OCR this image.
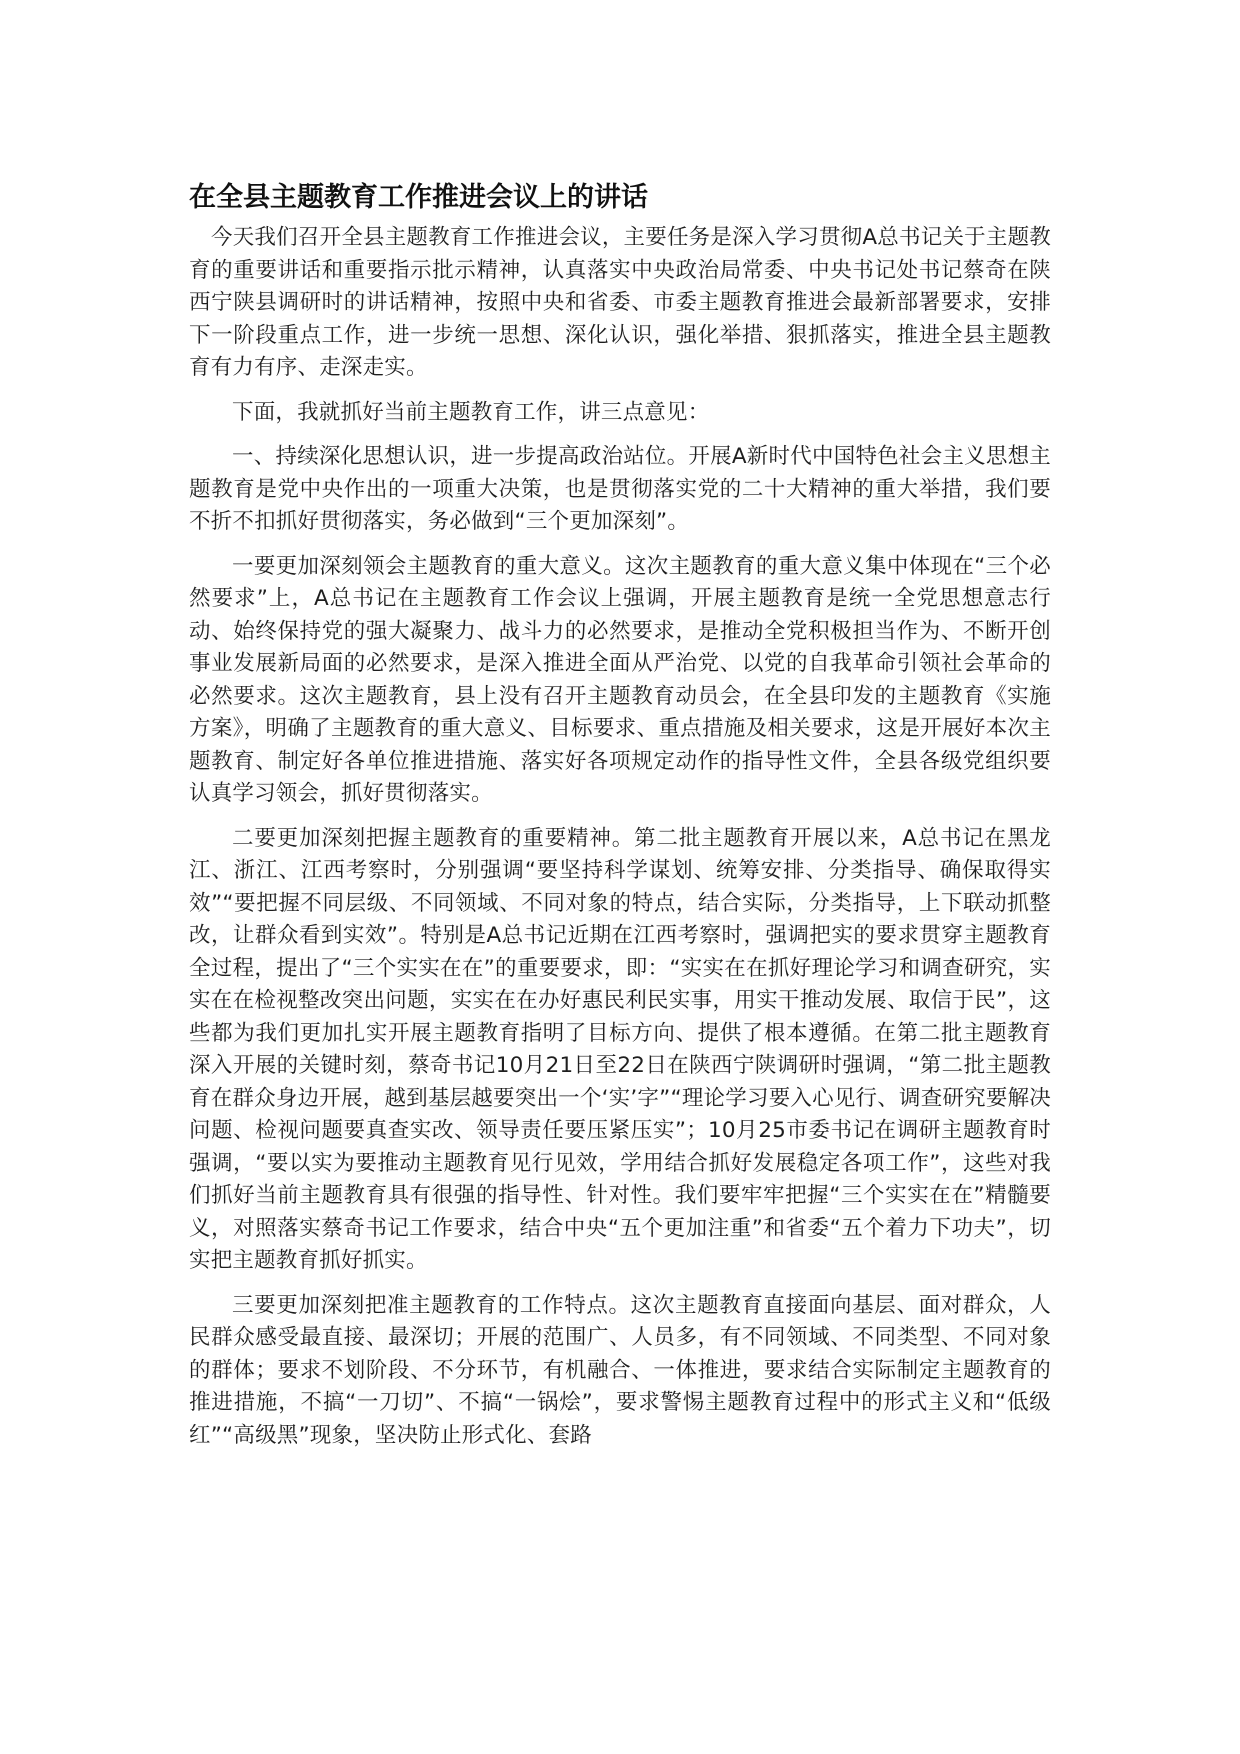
在全县主题教育工作推进会议上的讲话

今天我们召开全县主题教育工作推进会议，主要任务是深入学习贯彻A总书记关于主题教育的重要讲话和重要指示批示精神，认真落实中央政治局常委、中央书记处书记蔡奇在陕西宁陕县调研时的讲话精神，按照中央和省委、市委主题教育推进会最新部署要求，安排下一阶段重点工作，进一步统一思想、深化认识，强化举措、狠抓落实，推进全县主题教育有力有序、走深走实。

下面，我就抓好当前主题教育工作，讲三点意见：

一、持续深化思想认识，进一步提高政治站位。开展A新时代中国特色社会主义思想主题教育是党中央作出的一项重大决策，也是贯彻落实党的二十大精神的重大举措，我们要不折不扣抓好贯彻落实，务必做到“三个更加深刻”。

一要更加深刻领会主题教育的重大意义。这次主题教育的重大意义集中体现在“三个必然要求”上，A总书记在主题教育工作会议上强调，开展主题教育是统一全党思想意志行动、始终保持党的强大凝聚力、战斗力的必然要求，是推动全党积极担当作为、不断开创事业发展新局面的必然要求，是深入推进全面从严治党、以党的自我革命引领社会革命的必然要求。这次主题教育，县上没有召开主题教育动员会，在全县印发的主题教育《实施方案》，明确了主题教育的重大意义、目标要求、重点措施及相关要求，这是开展好本次主题教育、制定好各单位推进措施、落实好各项规定动作的指导性文件，全县各级党组织要认真学习领会，抓好贯彻落实。

二要更加深刻把握主题教育的重要精神。第二批主题教育开展以来，A总书记在黑龙江、浙江、江西考察时，分别强调“要坚持科学谋划、统筹安排、分类指导、确保取得实效”“要把握不同层级、不同领域、不同对象的特点，结合实际，分类指导，上下联动抓整改，让群众看到实效”。特别是A总书记近期在江西考察时，强调把实的要求贯穿主题教育全过程，提出了“三个实实在在”的重要要求，即：“实实在在抓好理论学习和调查研究，实实在在检视整改突出问题，实实在在办好惠民利民实事，用实干推动发展、取信于民”，这些都为我们更加扎实开展主题教育指明了目标方向、提供了根本遵循。在第二批主题教育深入开展的关键时刻，蔡奇书记10月21日至22日在陕西宁陕调研时强调，“第二批主题教育在群众身边开展，越到基层越要突出一个‘实’字”“理论学习要入心见行、调查研究要解决问题、检视问题要真查实改、领导责任要压紧压实”；10月25市委书记在调研主题教育时强调，“要以实为要推动主题教育见行见效，学用结合抓好发展稳定各项工作”，这些对我们抓好当前主题教育具有很强的指导性、针对性。我们要牢牢把握“三个实实在在”精髓要义，对照落实蔡奇书记工作要求，结合中央“五个更加注重”和省委“五个着力下功夫”，切实把主题教育抓好抓实。

三要更加深刻把准主题教育的工作特点。这次主题教育直接面向基层、面对群众，人民群众感受最直接、最深切；开展的范围广、人员多，有不同领域、不同类型、不同对象的群体；要求不划阶段、不分环节，有机融合、一体推进，要求结合实际制定主题教育的推进措施，不搞“一刀切”、不搞“一锅烩”，要求警惕主题教育过程中的形式主义和“低级红”“高级黑”现象，坚决防止形式化、套路
